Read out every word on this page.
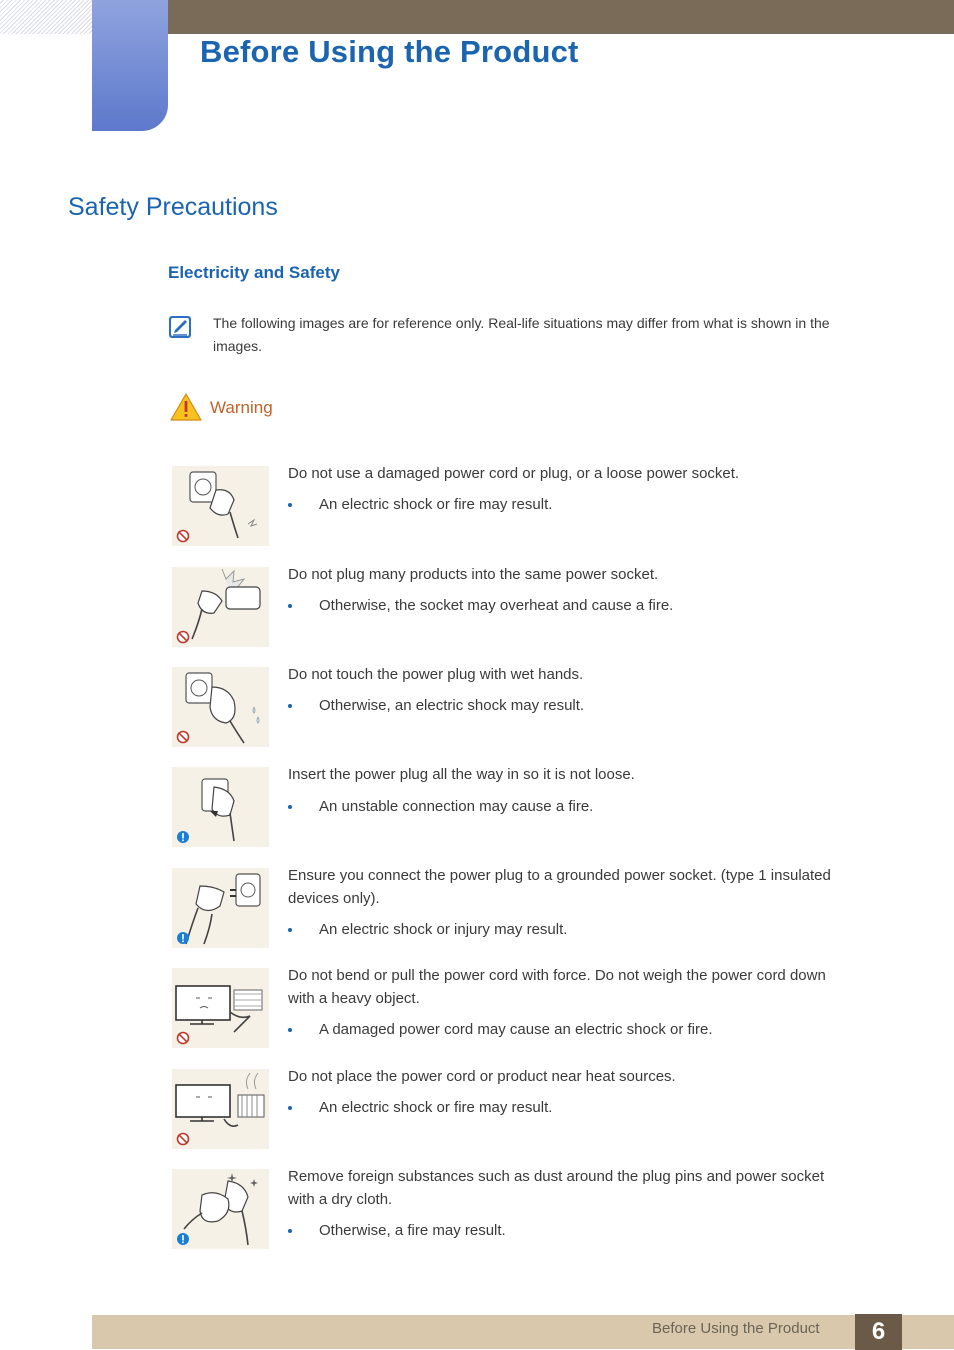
Before Using the Product
Safety Precautions
Electricity and Safety

The following images are for reference only. Real-life situations may differ from what is shown in the images.

Warning

Do not use a damaged power cord or plug, or a loose power socket.

An electric shock or fire may result.

Do not plug many products into the same power socket.

Otherwise, the socket may overheat and cause a fire.

Do not touch the power plug with wet hands.

Otherwise, an electric shock may result.

Insert the power plug all the way in so it is not loose.

An unstable connection may cause a fire.

Ensure you connect the power plug to a grounded power socket. (type 1 insulated devices only).

An electric shock or injury may result.

Do not bend or pull the power cord with force. Do not weigh the power cord down with a heavy object.

A damaged power cord may cause an electric shock or fire.

Do not place the power cord or product near heat sources.

An electric shock or fire may result.

Remove foreign substances such as dust around the plug pins and power socket with a dry cloth.

Otherwise, a fire may result.
Before Using the Product	6
